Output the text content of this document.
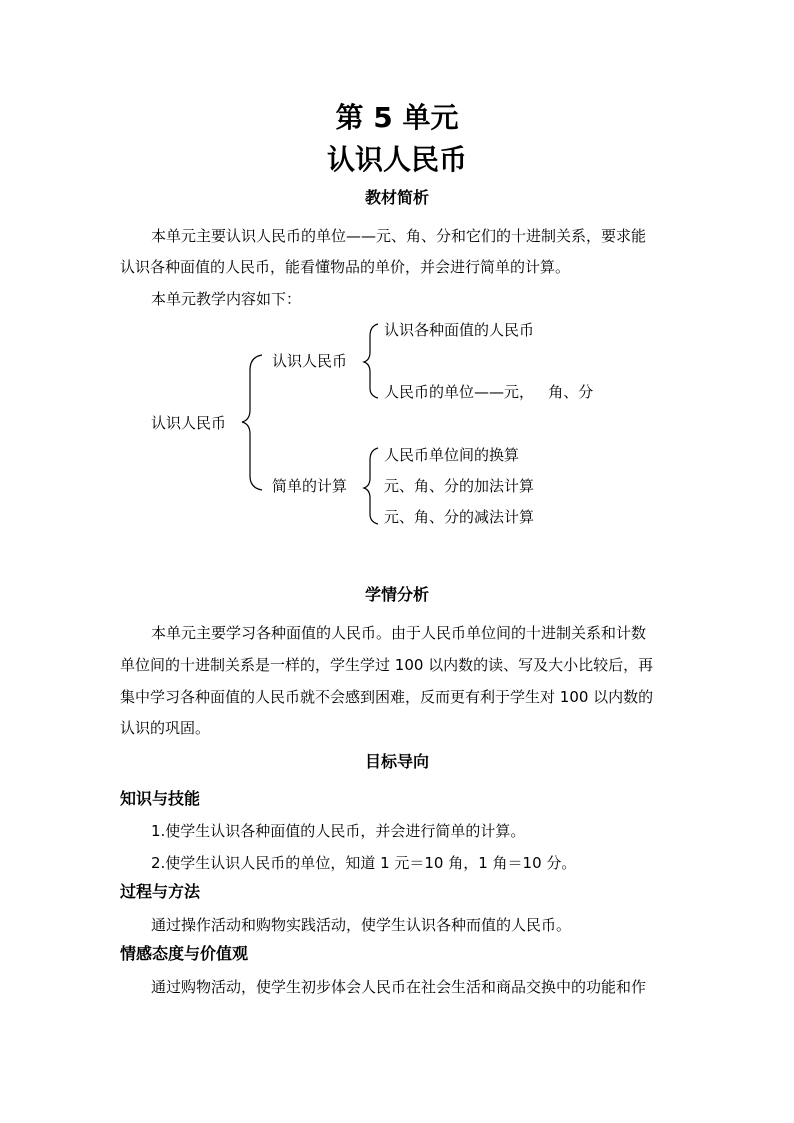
第 5 单元
认识人民币
教材简析
本单元主要认识人民币的单位——元、角、分和它们的十进制关系，要求能
认识各种面值的人民币，能看懂物品的单价，并会进行简单的计算。
本单元教学内容如下：
认识人民币
认识人民币
认识各种面值的人民币
人民币的单位——元，   角、分
简单的计算
人民币单位间的换算
元、角、分的加法计算
元、角、分的减法计算
学情分析
本单元主要学习各种面值的人民币。由于人民币单位间的十进制关系和计数
单位间的十进制关系是一样的，学生学过 100 以内数的读、写及大小比较后，再
集中学习各种面值的人民币就不会感到困难，反而更有利于学生对 100 以内数的
认识的巩固。
目标导向
知识与技能
1.使学生认识各种面值的人民币，并会进行简单的计算。
2.使学生认识人民币的单位，知道 1 元＝10 角，1 角＝10 分。
过程与方法
通过操作活动和购物实践活动，使学生认识各种而值的人民币。
情感态度与价值观
通过购物活动，使学生初步体会人民币在社会生活和商品交换中的功能和作
